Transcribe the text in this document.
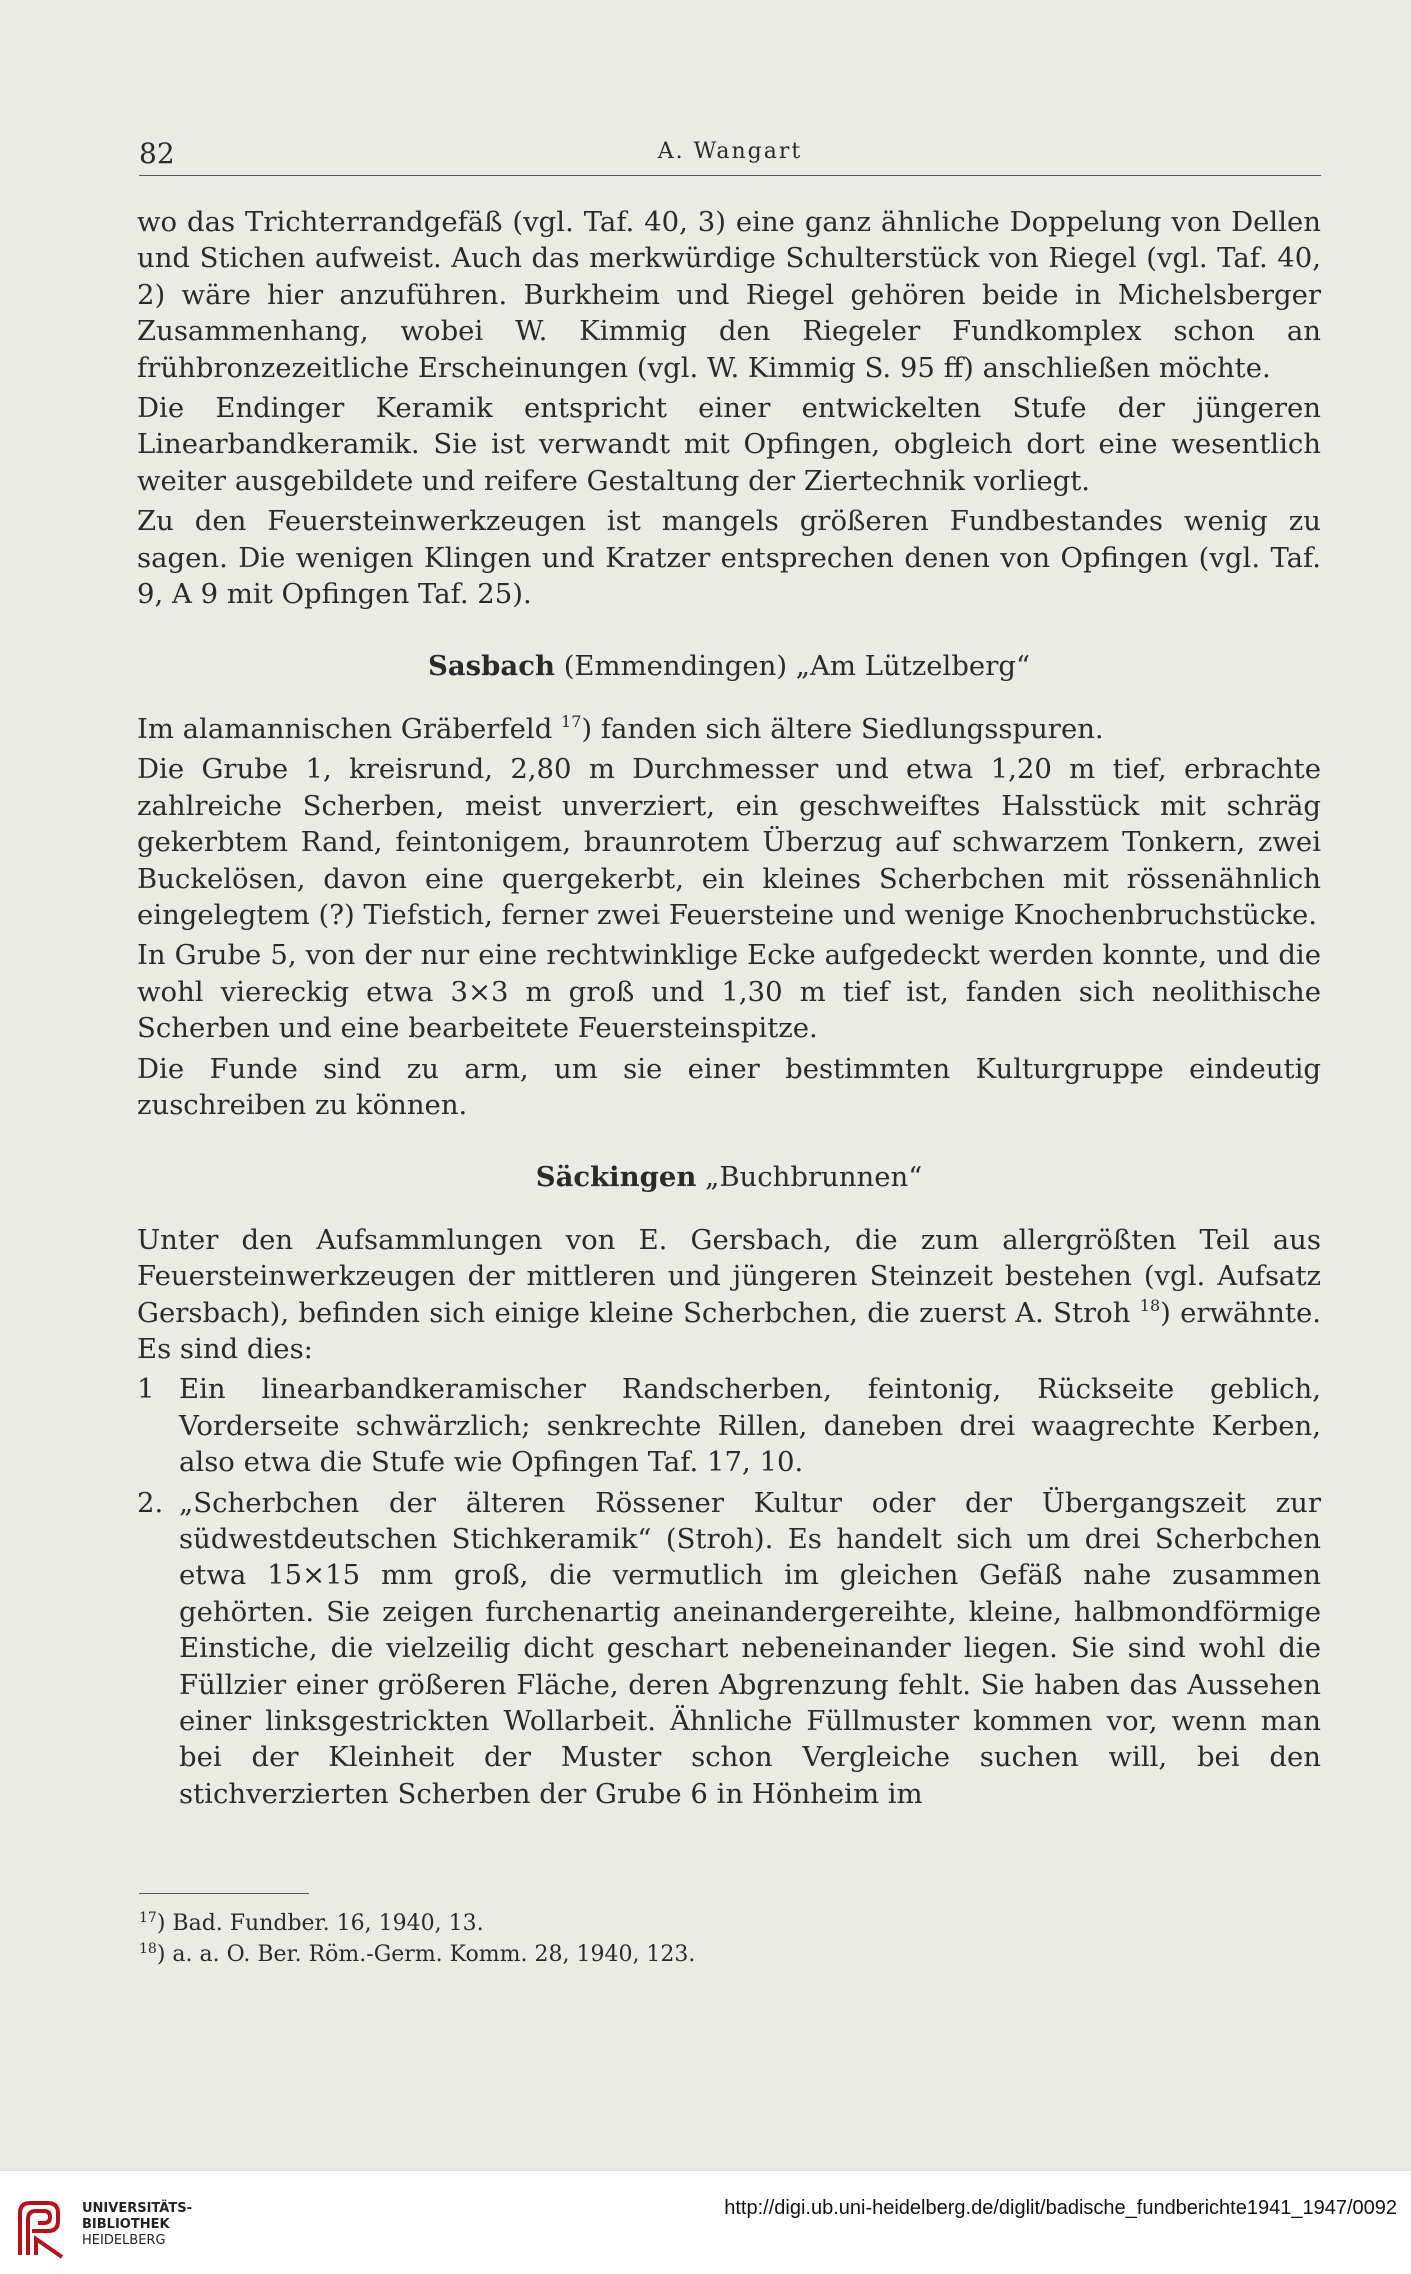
82	A. Wangart

wo das Trichterrandgefäß (vgl. Taf. 40, 3) eine ganz ähnliche Doppelung von Dellen und Stichen aufweist. Auch das merkwürdige Schulterstück von Riegel (vgl. Taf. 40, 2) wäre hier anzuführen. Burkheim und Riegel gehören beide in Michelsberger Zusammenhang, wobei W. Kimmig den Riegeler Fundkomplex schon an frühbronzezeitliche Erscheinungen (vgl. W. Kimmig S. 95 ff) anschließen möchte.

Die Endinger Keramik entspricht einer entwickelten Stufe der jüngeren Linearbandkeramik. Sie ist verwandt mit Opfingen, obgleich dort eine wesentlich weiter ausgebildete und reifere Gestaltung der Ziertechnik vorliegt.

Zu den Feuersteinwerkzeugen ist mangels größeren Fundbestandes wenig zu sagen. Die wenigen Klingen und Kratzer entsprechen denen von Opfingen (vgl. Taf. 9, A 9 mit Opfingen Taf. 25).

Sasbach (Emmendingen) „Am Lützelberg“

Im alamannischen Gräberfeld $^{17}$) fanden sich ältere Siedlungsspuren.

Die Grube 1, kreisrund, 2,80 m Durchmesser und etwa 1,20 m tief, erbrachte zahlreiche Scherben, meist unverziert, ein geschweiftes Halsstück mit schräg gekerbtem Rand, feintonigem, braunrotem Überzug auf schwarzem Tonkern, zwei Buckelösen, davon eine quergekerbt, ein kleines Scherbchen mit rössenähnlich eingelegtem (?) Tiefstich, ferner zwei Feuersteine und wenige Knochenbruchstücke.

In Grube 5, von der nur eine rechtwinklige Ecke aufgedeckt werden konnte, und die wohl viereckig etwa 3×3 m groß und 1,30 m tief ist, fanden sich neolithische Scherben und eine bearbeitete Feuersteinspitze.

Die Funde sind zu arm, um sie einer bestimmten Kulturgruppe eindeutig zuschreiben zu können.

Säckingen „Buchbrunnen“

Unter den Aufsammlungen von E. Gersbach, die zum allergrößten Teil aus Feuersteinwerkzeugen der mittleren und jüngeren Steinzeit bestehen (vgl. Aufsatz Gersbach), befinden sich einige kleine Scherbchen, die zuerst A. Stroh $^{18}$) erwähnte. Es sind dies:

1 Ein linearbandkeramischer Randscherben, feintonig, Rückseite geblich, Vorderseite schwärzlich; senkrechte Rillen, daneben drei waagrechte Kerben, also etwa die Stufe wie Opfingen Taf. 17, 10.
2. „Scherbchen der älteren Rössener Kultur oder der Übergangszeit zur südwestdeutschen Stichkeramik“ (Stroh). Es handelt sich um drei Scherbchen etwa 15×15 mm groß, die vermutlich im gleichen Gefäß nahe zusammen gehörten. Sie zeigen furchenartig aneinandergereihte, kleine, halbmondförmige Einstiche, die vielzeilig dicht geschart nebeneinander liegen. Sie sind wohl die Füllzier einer größeren Fläche, deren Abgrenzung fehlt. Sie haben das Aussehen einer linksgestrickten Wollarbeit. Ähnliche Füllmuster kommen vor, wenn man bei der Kleinheit der Muster schon Vergleiche suchen will, bei den stichverzierten Scherben der Grube 6 in Hönheim im
$^{17}$) Bad. Fundber. 16, 1940, 13.
$^{18}$) a. a. O. Ber. Röm.-Germ. Komm. 28, 1940, 123.
UNIVERSITÄTS-
BIBLIOTHEK
HEIDELBERG
http://digi.ub.uni-heidelberg.de/diglit/badische_fundberichte1941_1947/0092
